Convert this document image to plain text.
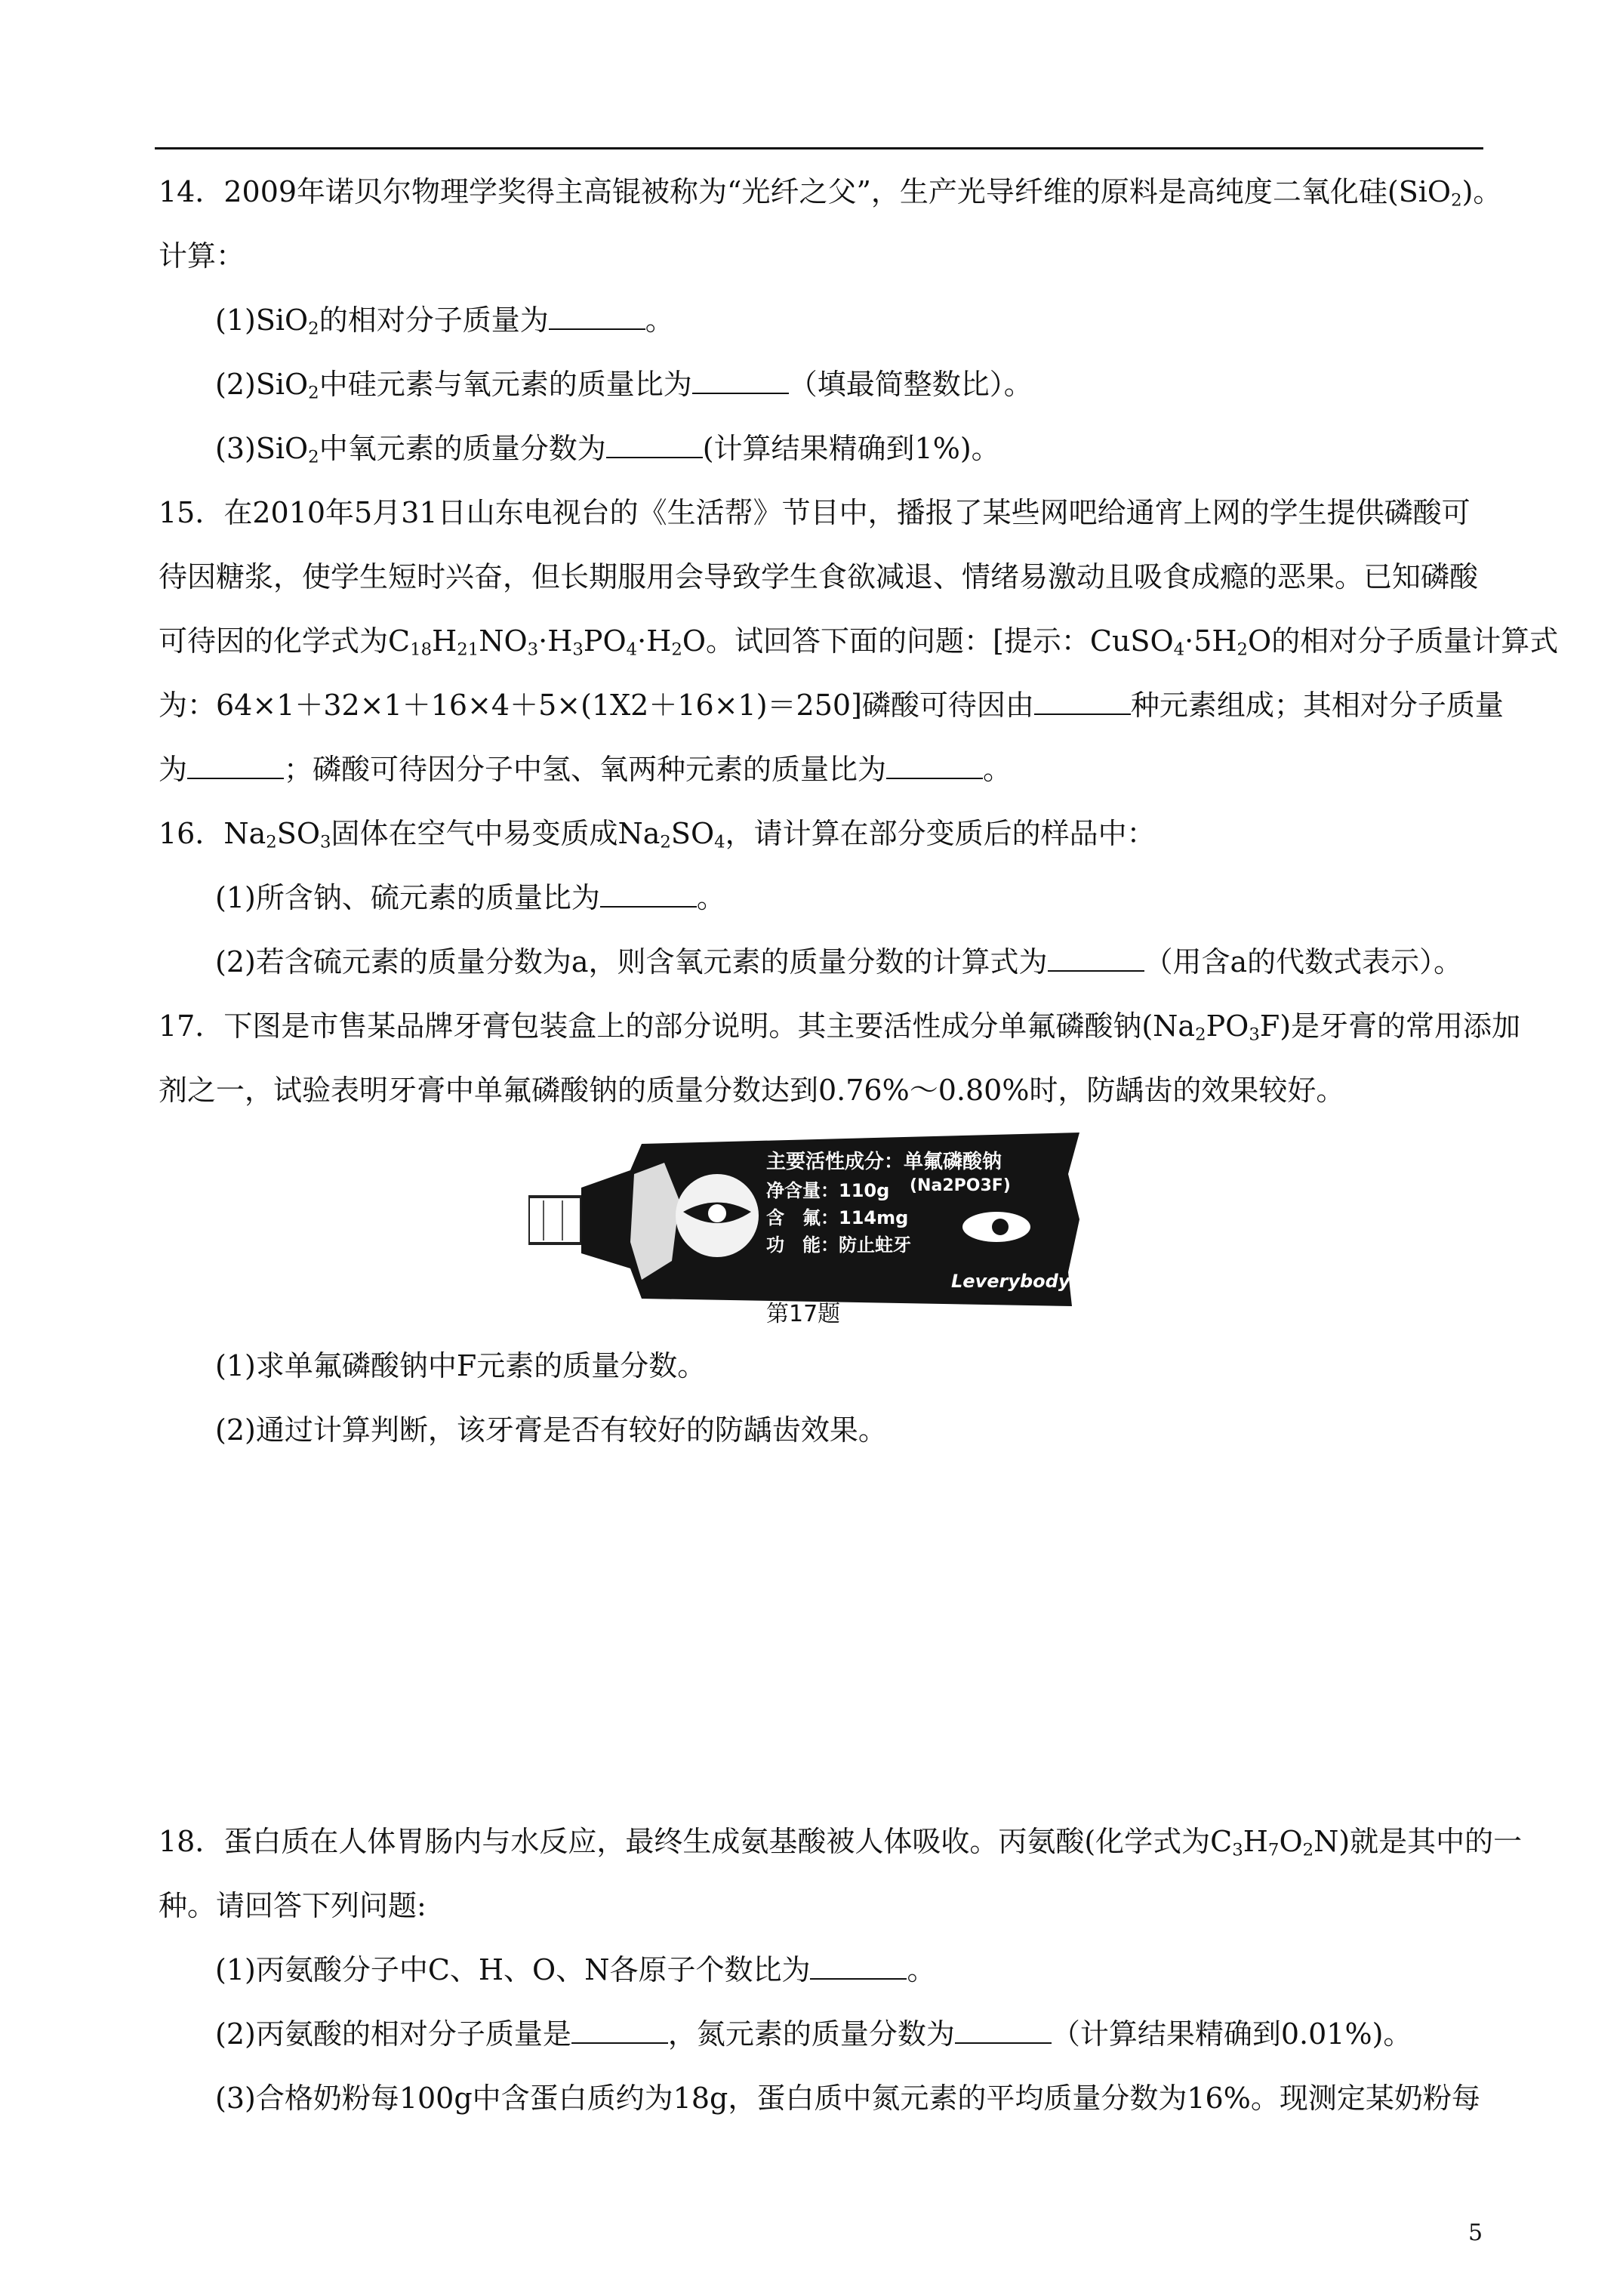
14．2009年诺贝尔物理学奖得主高锟被称为“光纤之父”，生产光导纤维的原料是高纯度二氧化硅(SiO$_2$)。
计算：
(1)SiO$_2$的相对分子质量为	。
(2)SiO$_2$中硅元素与氧元素的质量比为	（填最简整数比）。
(3)SiO$_2$中氧元素的质量分数为	(计算结果精确到1%)。
15．在2010年5月31日山东电视台的《生活帮》节目中，播报了某些网吧给通宵上网的学生提供磷酸可
待因糖浆，使学生短时兴奋，但长期服用会导致学生食欲减退、情绪易激动且吸食成瘾的恶果。已知磷酸
可待因的化学式为$C_{18}H_{21}NO_3\cdot H_3PO_4\cdot H_2O$。试回答下面的问题：[提示：$CuSO_4\cdot 5H_2O$的相对分子质量计算式
为：64×1＋32×1＋16×4＋5×(1X2＋16×1)＝250]磷酸可待因由	种元素组成；其相对分子质量
为	；磷酸可待因分子中氢、氧两种元素的质量比为	。
16．$Na_2SO_3$固体在空气中易变质成$Na_2SO_4$，请计算在部分变质后的样品中：
(1)所含钠、硫元素的质量比为	。
(2)若含硫元素的质量分数为a，则含氧元素的质量分数的计算式为	（用含a的代数式表示）。
17．下图是市售某品牌牙膏包装盒上的部分说明。其主要活性成分单氟磷酸钠$(Na_2PO_3F)$是牙膏的常用添加
剂之一，试验表明牙膏中单氟磷酸钠的质量分数达到0.76%～0.80%时，防龋齿的效果较好。
主要活性成分：单氟磷酸钠
净含量：110g (Na2PO3F)
含　氟：114mg
功　能：防止蛀牙
Leverybody
第17题
(1)求单氟磷酸钠中F元素的质量分数。
(2)通过计算判断，该牙膏是否有较好的防龋齿效果。
18．蛋白质在人体胃肠内与水反应，最终生成氨基酸被人体吸收。丙氨酸(化学式为$C_3H_7O_2N$)就是其中的一
种。请回答下列问题:
(1)丙氨酸分子中C、H、O、N各原子个数比为	。
(2)丙氨酸的相对分子质量是	，氮元素的质量分数为	（计算结果精确到0.01%)。
(3)合格奶粉每100g中含蛋白质约为18g，蛋白质中氮元素的平均质量分数为16%。现测定某奶粉每
5
